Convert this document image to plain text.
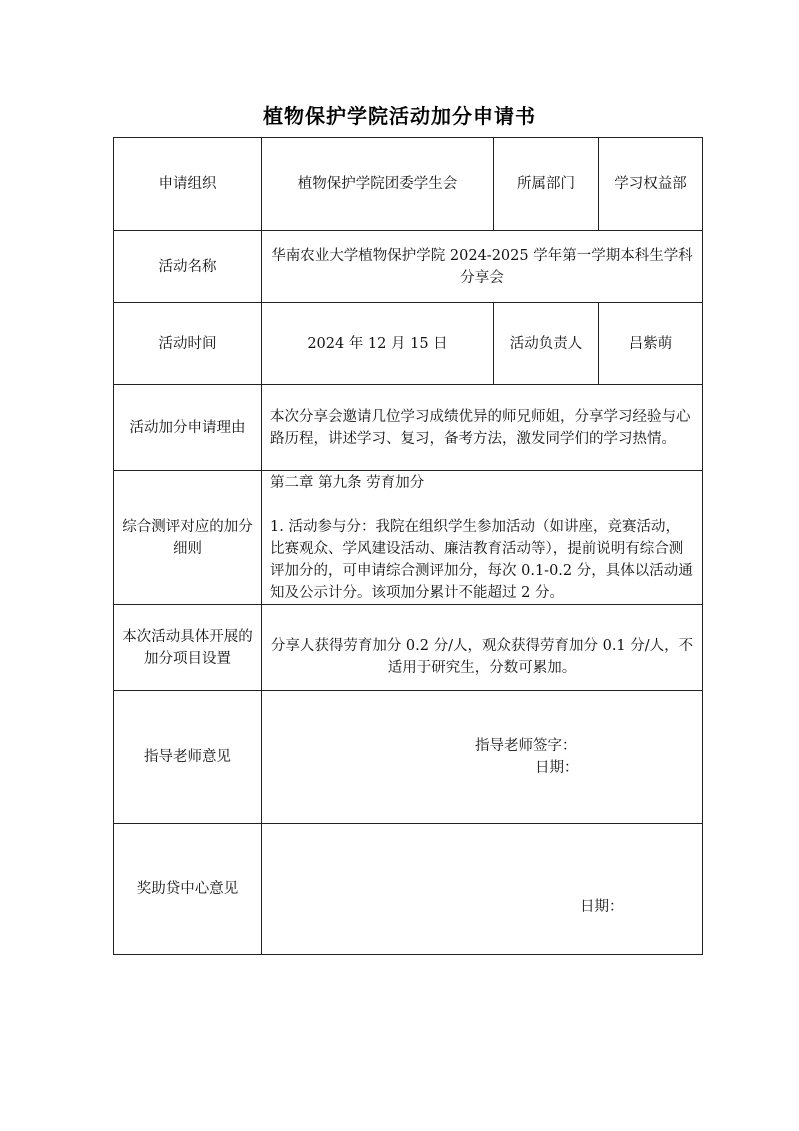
植物保护学院活动加分申请书
申请组织	植物保护学院团委学生会	所属部门	学习权益部
活动名称	华南农业大学植物保护学院 2024-2025 学年第一学期本科生学科分享会		
活动时间	2024 年 12 月 15 日	活动负责人	吕紫萌
活动加分申请理由	本次分享会邀请几位学习成绩优异的师兄师姐，分享学习经验与心路历程，讲述学习、复习，备考方法，激发同学们的学习热情。		
综合测评对应的加分细则	第二章 第九条 劳育加分
1. 活动参与分：我院在组织学生参加活动（如讲座，竞赛活动，比赛观众、学风建设活动、廉洁教育活动等），提前说明有综合测评加分的，可申请综合测评加分，每次 0.1-0.2 分，具体以活动通知及公示计分。该项加分累计不能超过 2 分。		

本次活动具体开展的加分项目设置	分享人获得劳育加分 0.2 分/人，观众获得劳育加分 0.1 分/人，不适用于研究生，分数可累加。		
指导老师意见	指导老师签字：
日期：		

奖助贷中心意见	日期：		
